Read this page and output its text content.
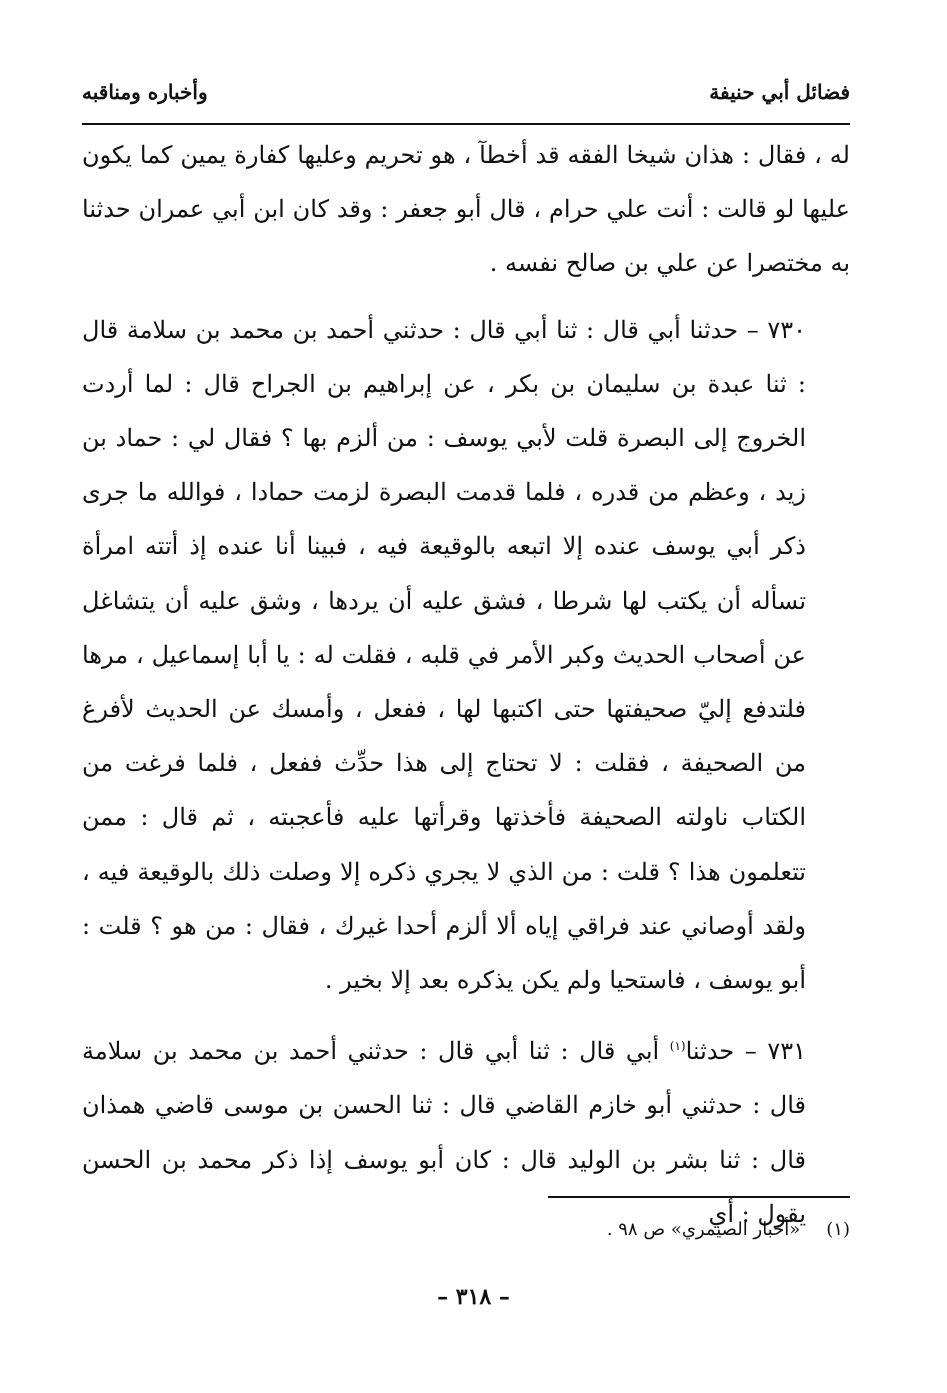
فضائل أبي حنيفة
وأخباره ومناقبه

له ، فقال : هذان شيخا الفقه قد أخطآ ، هو تحريم وعليها كفارة يمين كما يكون عليها لو قالت : أنت علي حرام ، قال أبو جعفر : وقد كان ابن أبي عمران حدثنا به مختصرا عن علي بن صالح نفسه .

٧٣٠ – حدثنا أبي قال : ثنا أبي قال : حدثني أحمد بن محمد بن سلامة قال : ثنا عبدة بن سليمان بن بكر ، عن إبراهيم بن الجراح قال : لما أردت الخروج إلى البصرة قلت لأبي يوسف : من ألزم بها ؟ فقال لي : حماد بن زيد ، وعظم من قدره ، فلما قدمت البصرة لزمت حمادا ، فوالله ما جرى ذكر أبي يوسف عنده إلا اتبعه بالوقيعة فيه ، فبينا أنا عنده إذ أتته امرأة تسأله أن يكتب لها شرطا ، فشق عليه أن يردها ، وشق عليه أن يتشاغل عن أصحاب الحديث وكبر الأمر في قلبه ، فقلت له : يا أبا إسماعيل ، مرها فلتدفع إليّ صحيفتها حتى اكتبها لها ، ففعل ، وأمسك عن الحديث لأفرغ من الصحيفة ، فقلت : لا تحتاج إلى هذا حدِّث ففعل ، فلما فرغت من الكتاب ناولته الصحيفة فأخذتها وقرأتها عليه فأعجبته ، ثم قال : ممن تتعلمون هذا ؟ قلت : من الذي لا يجري ذكره إلا وصلت ذلك بالوقيعة فيه ، ولقد أوصاني عند فراقي إياه ألا ألزم أحدا غيرك ، فقال : من هو ؟ قلت : أبو يوسف ، فاستحيا ولم يكن يذكره بعد إلا بخير .

٧٣١ – حدثنا$^{(١)}$ أبي قال : ثنا أبي قال : حدثني أحمد بن محمد بن سلامة قال : حدثني أبو خازم القاضي قال : ثنا الحسن بن موسى قاضي همذان قال : ثنا بشر بن الوليد قال : كان أبو يوسف إذا ذكر محمد بن الحسن يقول : أي

(١)«أخبار الصيمري» ص ٩٨ .
– ٣١٨ –
